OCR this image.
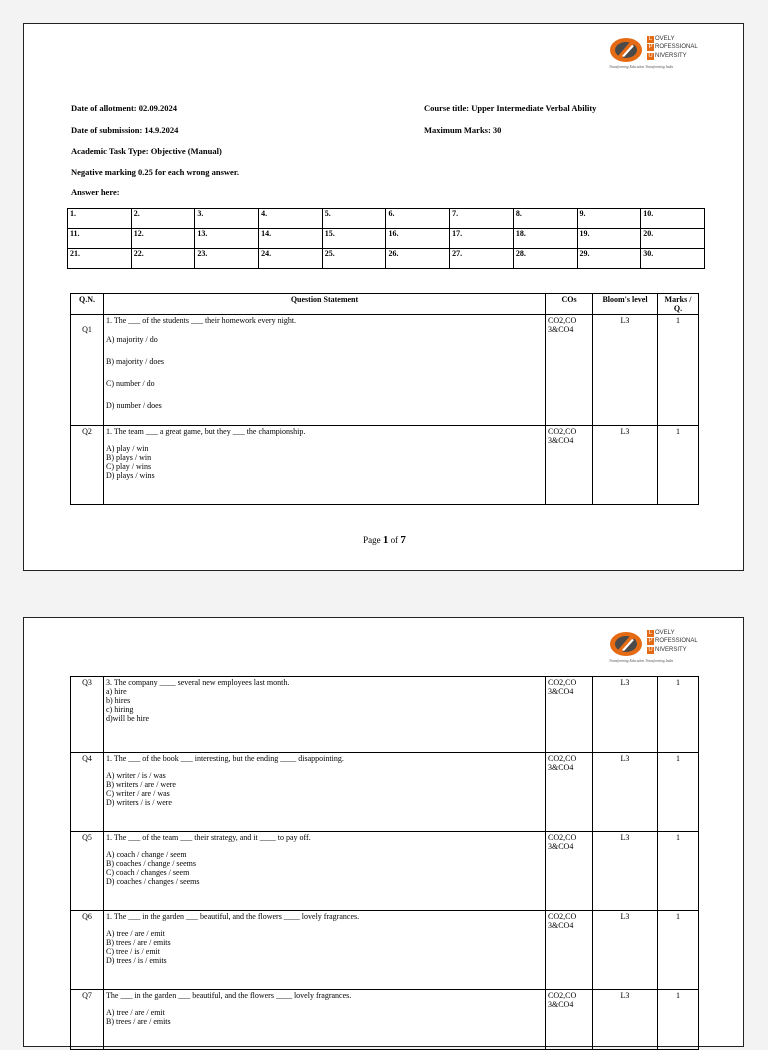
L OVELY
P ROFESSIONAL
U NIVERSITY
Transforming Education Transforming India
Date of allotment: 02.09.2024
Date of submission: 14.9.2024
Academic Task Type: Objective (Manual)
Negative marking 0.25 for each wrong answer.
Answer here:
Course title: Upper Intermediate Verbal Ability
Maximum Marks: 30
1.	2.	3.	4.	5.	6.	7.	8.	9.	10.
11.	12.	13.	14.	15.	16.	17.	18.	19.	20.
21.	22.	23.	24.	25.	26.	27.	28.	29.	30.
Q.N.	Question Statement	COs	Bloom's level	Marks / Q.
Q1	1. The ___ of the students ___ their homework every night.
A) majority / do
B) majority / does
C) number / do
D) number / does	CO2,CO 3&CO4	L3	1
Q2	1. The team ___ a great game, but they ___ the championship.
A) play / win
B) plays / win
C) play / wins
D) plays / wins	CO2,CO 3&CO4	L3	1
Page 1 of 7
L OVELY
P ROFESSIONAL
U NIVERSITY
Transforming Education Transforming India
Q3	3. The company ____ several new employees last month.
a) hire
b) hires
c) hiring
d)will be hire	CO2,CO 3&CO4	L3	1
Q4	1. The ___ of the book ___ interesting, but the ending ____ disappointing.
A) writer / is / was
B) writers / are / were
C) writer / are / was
D) writers / is / were	CO2,CO 3&CO4	L3	1
Q5	1. The ___ of the team ___ their strategy, and it ____ to pay off.
A) coach / change / seem
B) coaches / change / seems
C) coach / changes / seem
D) coaches / changes / seems	CO2,CO 3&CO4	L3	1
Q6	1. The ___ in the garden ___ beautiful, and the flowers ____ lovely fragrances.
A) tree / are / emit
B) trees / are / emits
C) tree / is / emit
D) trees / is / emits	CO2,CO 3&CO4	L3	1
Q7	The ___ in the garden ___ beautiful, and the flowers ____ lovely fragrances.
A) tree / are / emit
B) trees / are / emits	CO2,CO 3&CO4	L3	1
